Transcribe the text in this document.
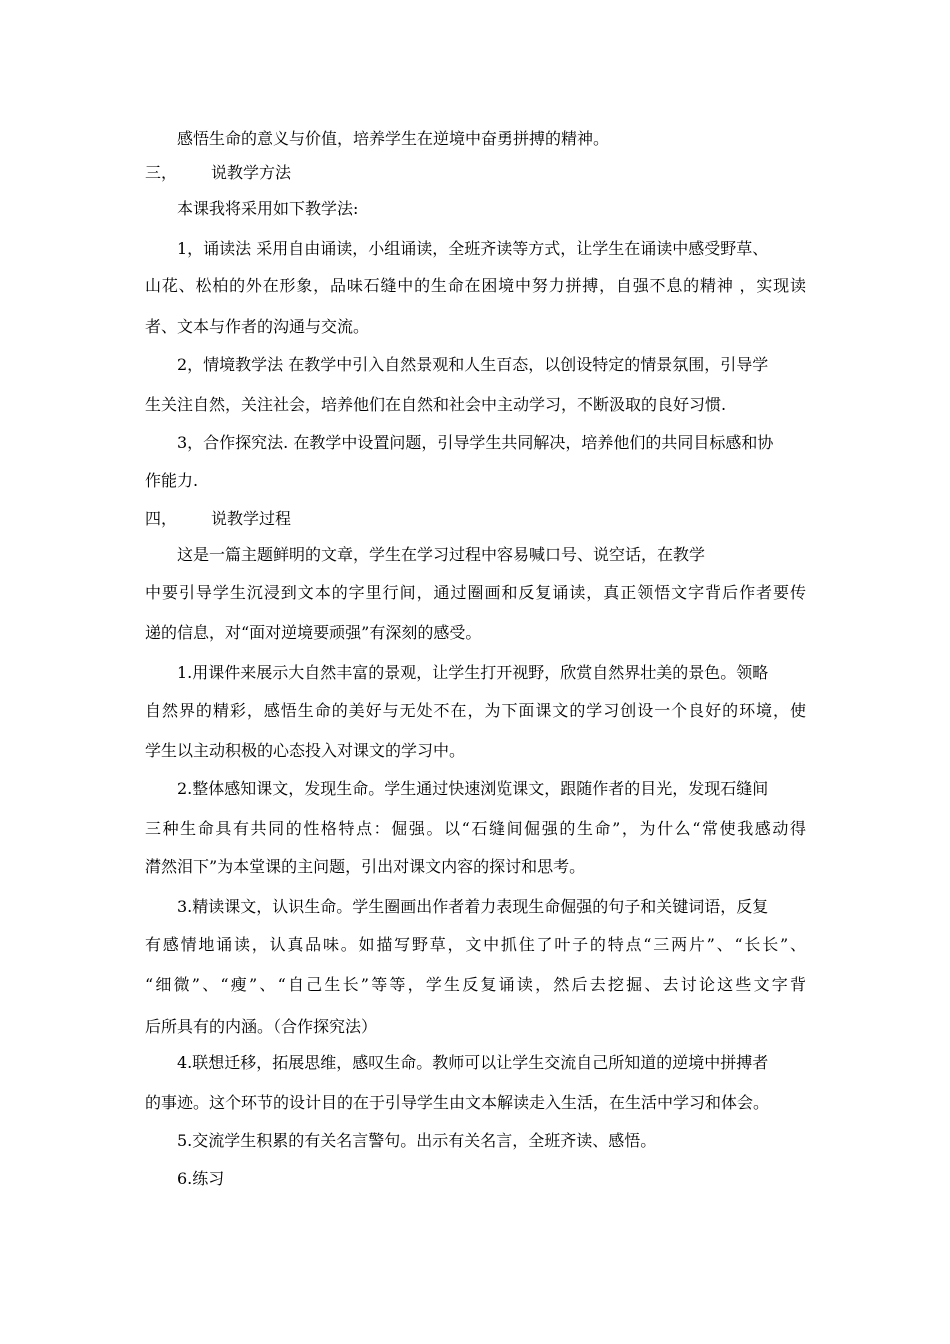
感悟生命的意义与价值，培养学生在逆境中奋勇拼搏的精神。
三， 说教学方法
本课我将采用如下教学法:
1，诵读法 采用自由诵读，小组诵读，全班齐读等方式，让学生在诵读中感受野草、
山花、松柏的外在形象，品味石缝中的生命在困境中努力拼搏，自强不息的精神 ，实现读
者、文本与作者的沟通与交流。
2，情境教学法 在教学中引入自然景观和人生百态，以创设特定的情景氛围，引导学
生关注自然，关注社会，培养他们在自然和社会中主动学习，不断汲取的良好习惯.
3，合作探究法. 在教学中设置问题，引导学生共同解决，培养他们的共同目标感和协
作能力.
四， 说教学过程
这是一篇主题鲜明的文章，学生在学习过程中容易喊口号、说空话，在教学
中要引导学生沉浸到文本的字里行间，通过圈画和反复诵读，真正领悟文字背后作者要传
递的信息，对“面对逆境要顽强”有深刻的感受。
1.用课件来展示大自然丰富的景观，让学生打开视野，欣赏自然界壮美的景色。领略
自然界的精彩，感悟生命的美好与无处不在，为下面课文的学习创设一个良好的环境，使
学生以主动积极的心态投入对课文的学习中。
2.整体感知课文，发现生命。学生通过快速浏览课文，跟随作者的目光，发现石缝间
三种生命具有共同的性格特点：倔强。以“石缝间倔强的生命”，为什么“常使我感动得
潸然泪下”为本堂课的主问题，引出对课文内容的探讨和思考。
3.精读课文，认识生命。学生圈画出作者着力表现生命倔强的句子和关键词语，反复
有感情地诵读，认真品味。如描写野草，文中抓住了叶子的特点“三两片”、“长长”、
“细微”、“瘦”、“自己生长”等等，学生反复诵读，然后去挖掘、去讨论这些文字背
后所具有的内涵。（合作探究法）
4.联想迁移，拓展思维，感叹生命。教师可以让学生交流自己所知道的逆境中拼搏者
的事迹。这个环节的设计目的在于引导学生由文本解读走入生活，在生活中学习和体会。
5.交流学生积累的有关名言警句。出示有关名言，全班齐读、感悟。
6.练习
